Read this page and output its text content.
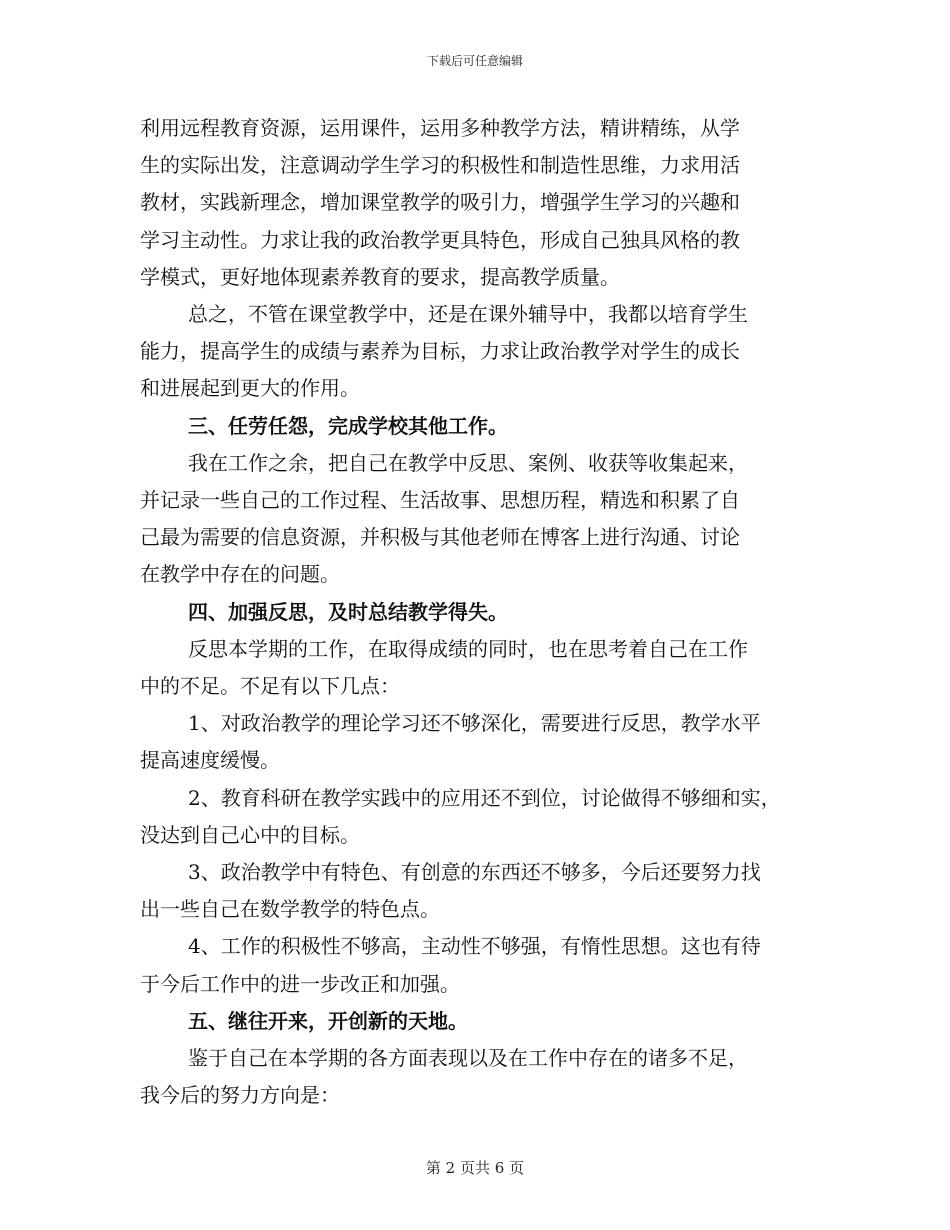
下载后可任意编辑

利用远程教育资源，运用课件，运用多种教学方法，精讲精练，从学
生的实际出发，注意调动学生学习的积极性和制造性思维，力求用活
教材，实践新理念，增加课堂教学的吸引力，增强学生学习的兴趣和
学习主动性。力求让我的政治教学更具特色，形成自己独具风格的教
学模式，更好地体现素养教育的要求，提高教学质量。

总之，不管在课堂教学中，还是在课外辅导中，我都以培育学生
能力，提高学生的成绩与素养为目标，力求让政治教学对学生的成长
和进展起到更大的作用。

三、任劳任怨，完成学校其他工作。

我在工作之余，把自己在教学中反思、案例、收获等收集起来，
并记录一些自己的工作过程、生活故事、思想历程，精选和积累了自
己最为需要的信息资源，并积极与其他老师在博客上进行沟通、讨论
在教学中存在的问题。

四、加强反思，及时总结教学得失。

反思本学期的工作，在取得成绩的同时，也在思考着自己在工作
中的不足。不足有以下几点：

1、对政治教学的理论学习还不够深化，需要进行反思，教学水平
提高速度缓慢。

2、教育科研在教学实践中的应用还不到位，讨论做得不够细和实，
没达到自己心中的目标。

3、政治教学中有特色、有创意的东西还不够多，今后还要努力找
出一些自己在数学教学的特色点。

4、工作的积极性不够高，主动性不够强，有惰性思想。这也有待
于今后工作中的进一步改正和加强。

五、继往开来，开创新的天地。

鉴于自己在本学期的各方面表现以及在工作中存在的诸多不足，
我今后的努力方向是：

第 2 页共 6 页
